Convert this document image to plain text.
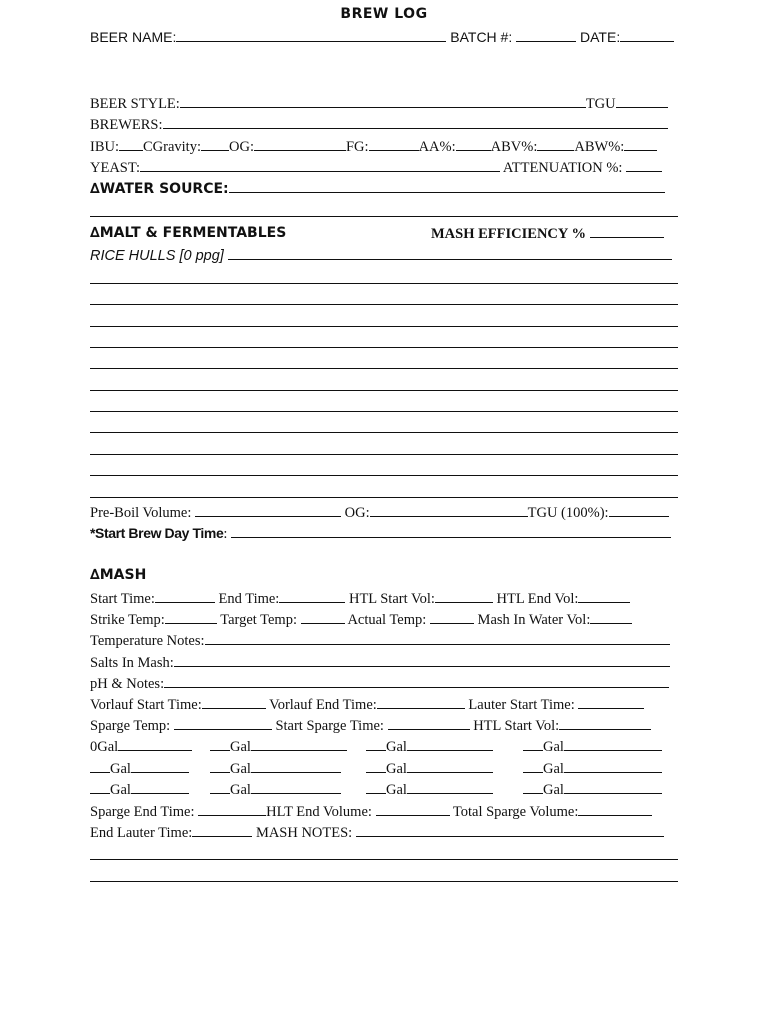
BREW LOG
BEER NAME:	BATCH #:	DATE:
BEER STYLE:	TGU
BREWERS:
IBU: CGravity: OG:	FG:	AA%: ABV%:	ABW%:
YEAST:	ATTENUATION %:
∆WATER SOURCE:
∆MALT & FERMENTABLES	MASH EFFICIENCY %
RICE HULLS [0 ppg]
Pre-Boil Volume:	OG:	TGU (100%):
*Start Brew Day Time:
∆MASH
Start Time:	End Time:	HTL Start Vol:	HTL End Vol:
Strike Temp:	Target Temp:	Actual Temp:	Mash In Water Vol:
Temperature Notes:
Salts In Mash:
pH & Notes:
Vorlauf Start Time:	Vorlauf End Time:	Lauter Start Time:
Sparge Temp:	Start Sparge Time:	HTL Start Vol:
0Gal	Gal	Gal	Gal
Gal	Gal	Gal	Gal
Gal	Gal	Gal	Gal
Sparge End Time:	HLT End Volume:	Total Sparge Volume:
End Lauter Time:	MASH NOTES:
